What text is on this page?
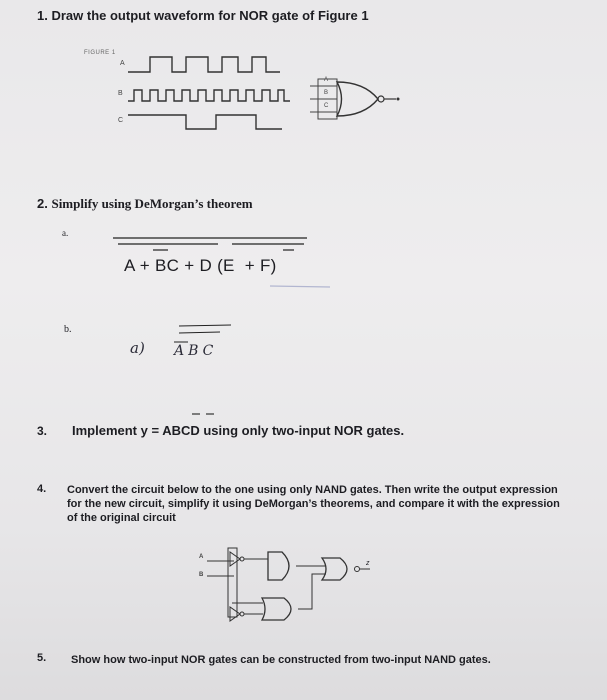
1. Draw the output waveform for NOR gate of Figure 1
FIGURE 1
A
B
C
A
B
C
2. Simplify using DeMorgan’s theorem
a.
A + BC + D (E  + F)
b.
a) ABC
3. Implement y = ABCD using only two-input NOR gates.
4. Convert the circuit below to the one using only NAND gates. Then write the output expression for the new circuit, simplify it using DeMorgan’s theorems, and compare it with the expression of the original circuit
A
B
z
5. Show how two-input NOR gates can be constructed from two-input NAND gates.
